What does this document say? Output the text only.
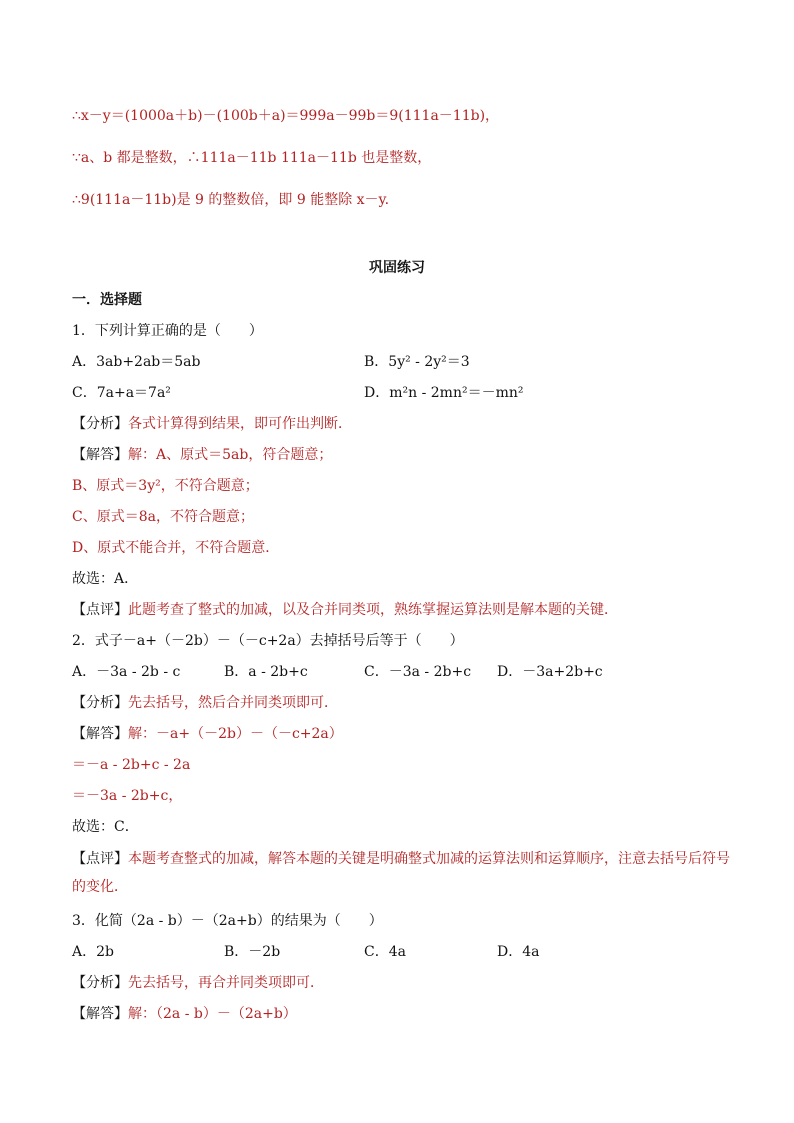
∴x－y＝(1000a＋b)－(100b＋a)＝999a－99b＝9(111a－11b)，
∵a、b 都是整数，∴111a－11b 111a－11b 也是整数，
∴9(111a－11b)是 9 的整数倍，即 9 能整除 x－y.
巩固练习
一．选择题
1．下列计算正确的是（　　）
A．3ab+2ab＝5ab	B．5y² - 2y²＝3
C．7a+a＝7a²	D．m²n - 2mn²＝－mn²
【分析】各式计算得到结果，即可作出判断．
【解答】解：A、原式＝5ab，符合题意；
B、原式＝3y²，不符合题意；
C、原式＝8a，不符合题意；
D、原式不能合并，不符合题意．
故选：A．
【点评】此题考查了整式的加减，以及合并同类项，熟练掌握运算法则是解本题的关键．
2．式子－a+（－2b）－（－c+2a）去掉括号后等于（　　）
A．－3a - 2b - c	B．a - 2b+c	C．－3a - 2b+c D．－3a+2b+c
【分析】先去括号，然后合并同类项即可．
【解答】解：－a+（－2b）－（－c+2a）
＝－a - 2b+c - 2a
＝－3a - 2b+c，
故选：C．
【点评】本题考查整式的加减，解答本题的关键是明确整式加减的运算法则和运算顺序，注意去括号后符号的变化．
3．化简（2a - b）－（2a+b）的结果为（　　）
A．2b	B．－2b	C．4a	D．4a
【分析】先去括号，再合并同类项即可．
【解答】解：（2a - b）－（2a+b）
